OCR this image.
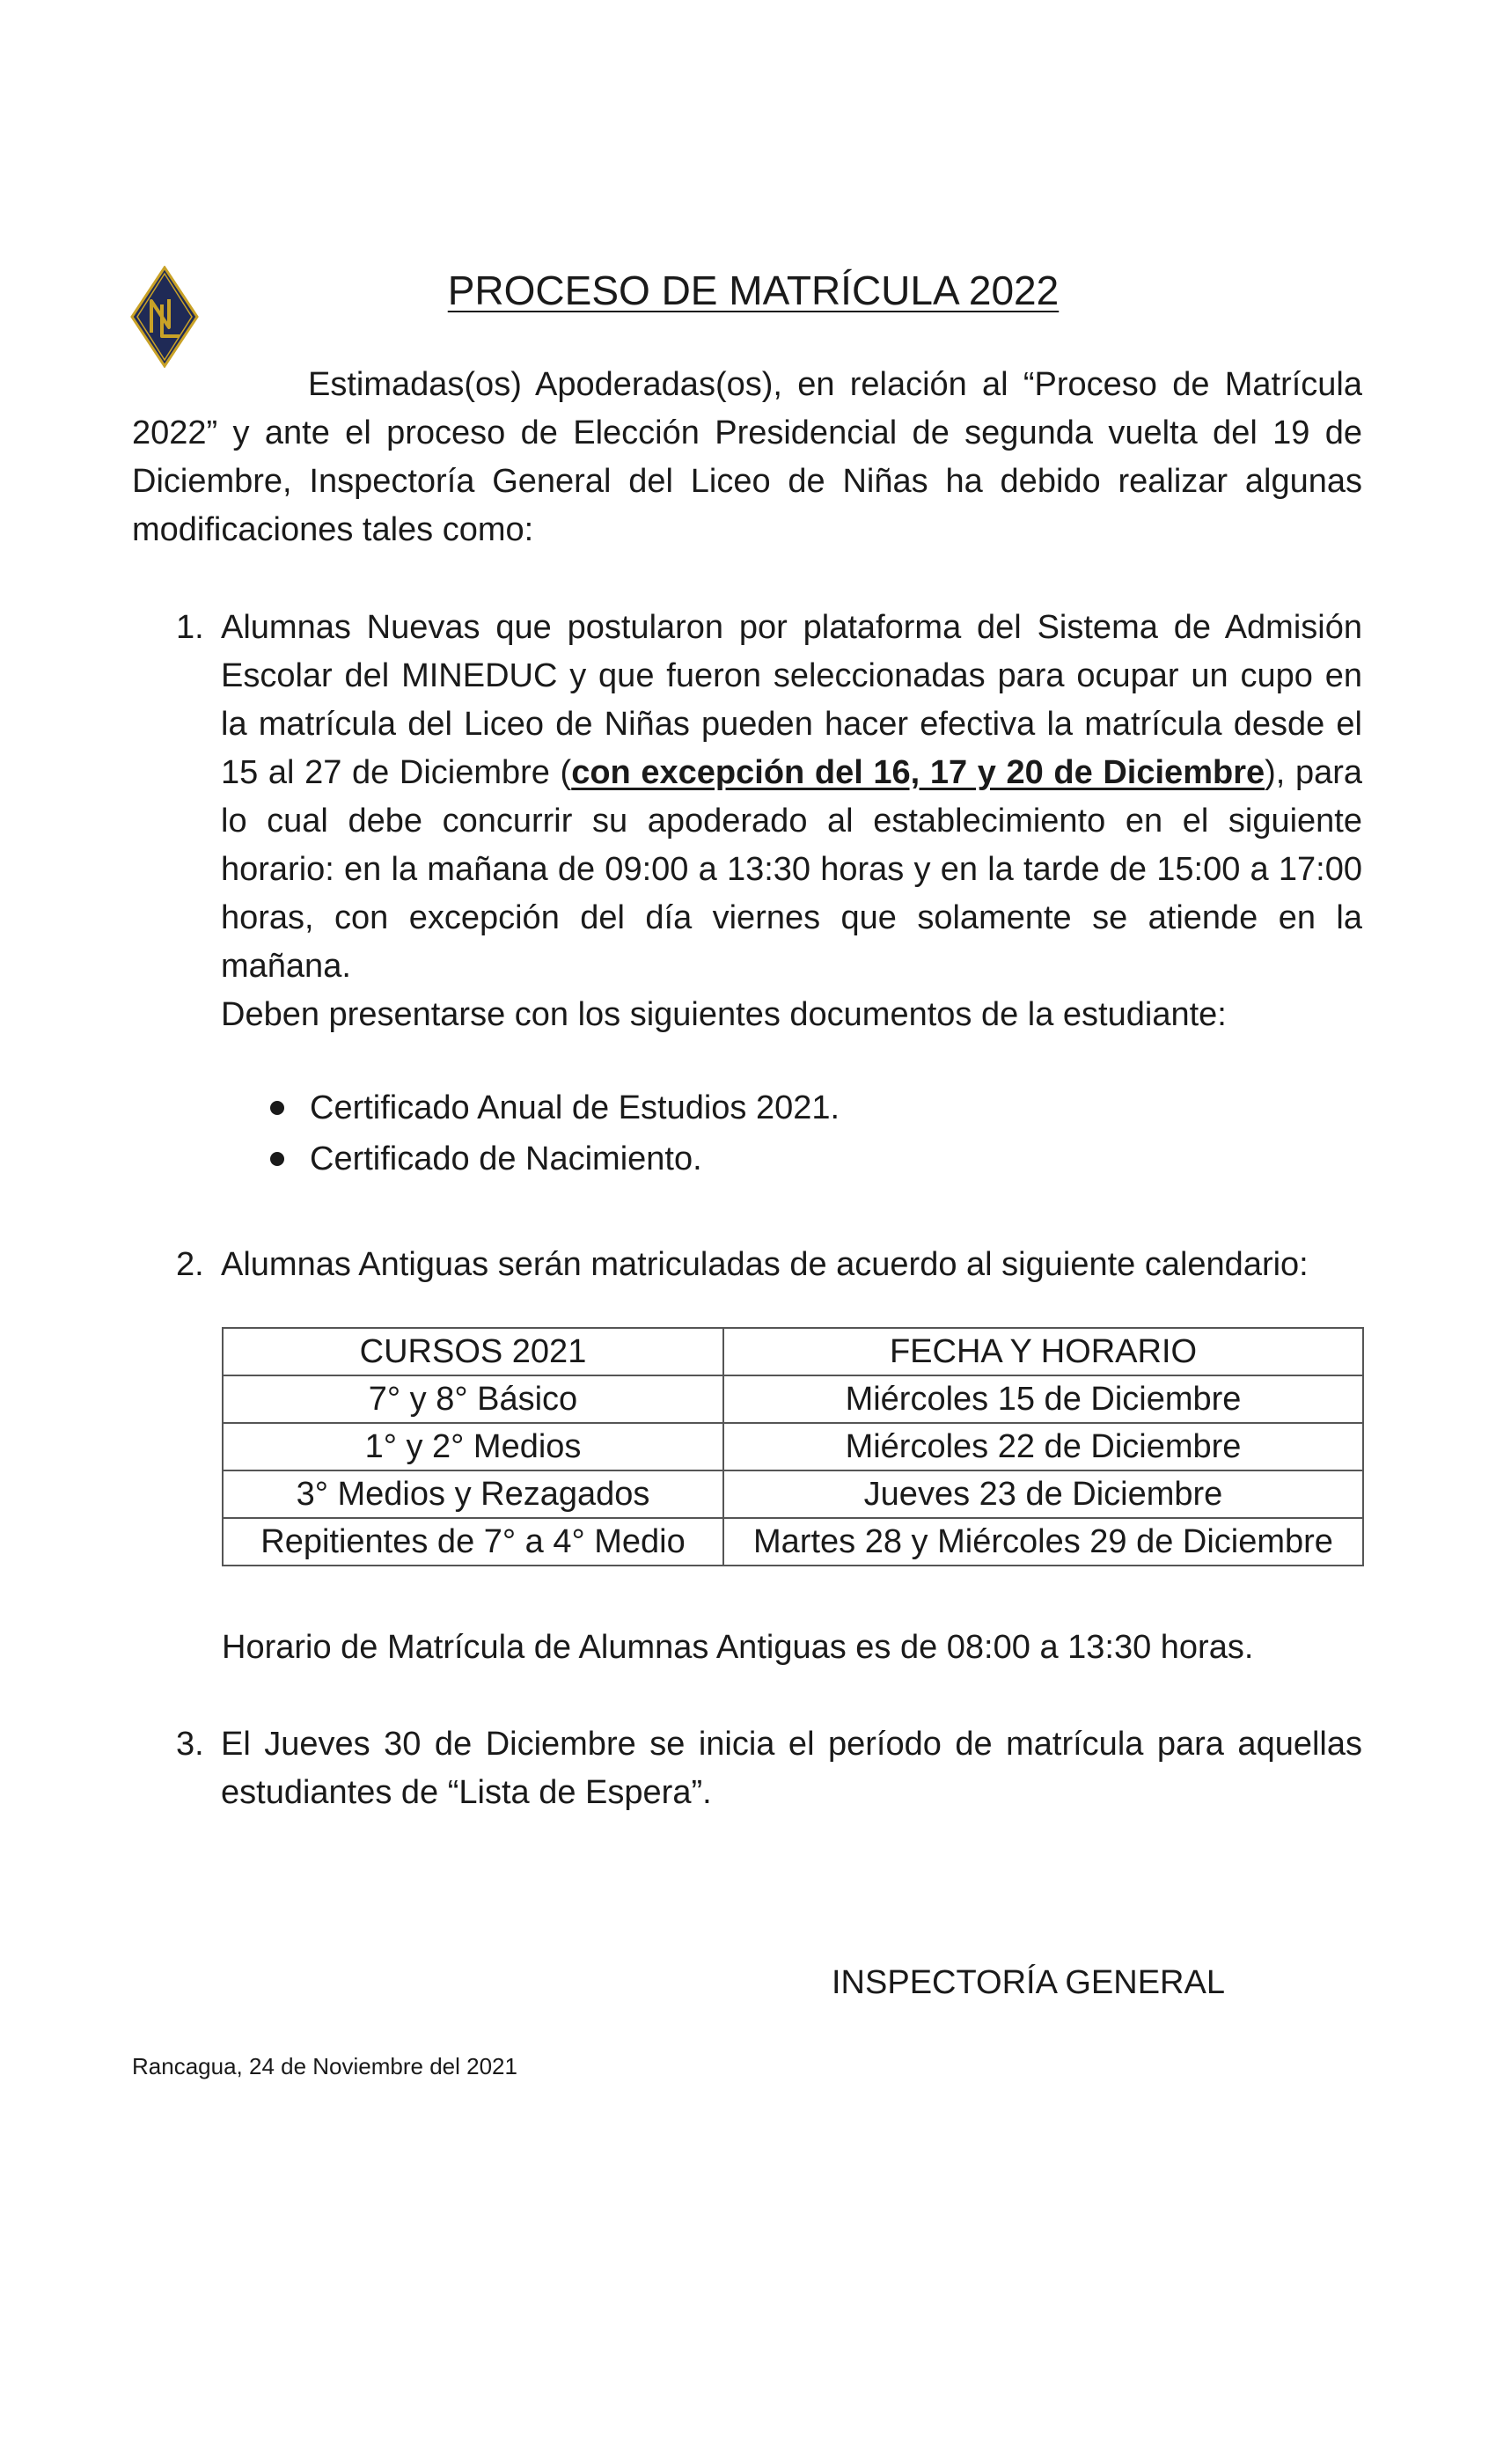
PROCESO DE MATRÍCULA 2022
Estimadas(os) Apoderadas(os), en relación al “Proceso de Matrícula 2022” y ante el proceso de Elección Presidencial de segunda vuelta del 19 de Diciembre, Inspectoría General del Liceo de Niñas ha debido realizar algunas modificaciones tales como:
1. Alumnas Nuevas que postularon por plataforma del Sistema de Admisión Escolar del MINEDUC y que fueron seleccionadas para ocupar un cupo en la matrícula del Liceo de Niñas pueden hacer efectiva la matrícula desde el 15 al 27 de Diciembre (con excepción del 16, 17 y 20 de Diciembre), para lo cual debe concurrir su apoderado al establecimiento en el siguiente horario: en la mañana de 09:00 a 13:30 horas y en la tarde de 15:00 a 17:00 horas, con excepción del día viernes que solamente se atiende en la mañana.

Deben presentarse con los siguientes documentos de la estudiante:

Certificado Anual de Estudios 2021.
Certificado de Nacimiento.
2. Alumnas Antiguas serán matriculadas de acuerdo al siguiente calendario:
CURSOS 2021	FECHA Y HORARIO
7° y 8° Básico	Miércoles 15 de Diciembre
1° y 2° Medios	Miércoles 22 de Diciembre
3° Medios y Rezagados	Jueves 23 de Diciembre
Repitientes de 7° a 4° Medio	Martes 28 y Miércoles 29 de Diciembre
Horario de Matrícula de Alumnas Antiguas es de 08:00 a 13:30 horas.
3. El Jueves 30 de Diciembre se inicia el período de matrícula para aquellas estudiantes de “Lista de Espera”.
INSPECTORÍA GENERAL
Rancagua, 24 de Noviembre del 2021
